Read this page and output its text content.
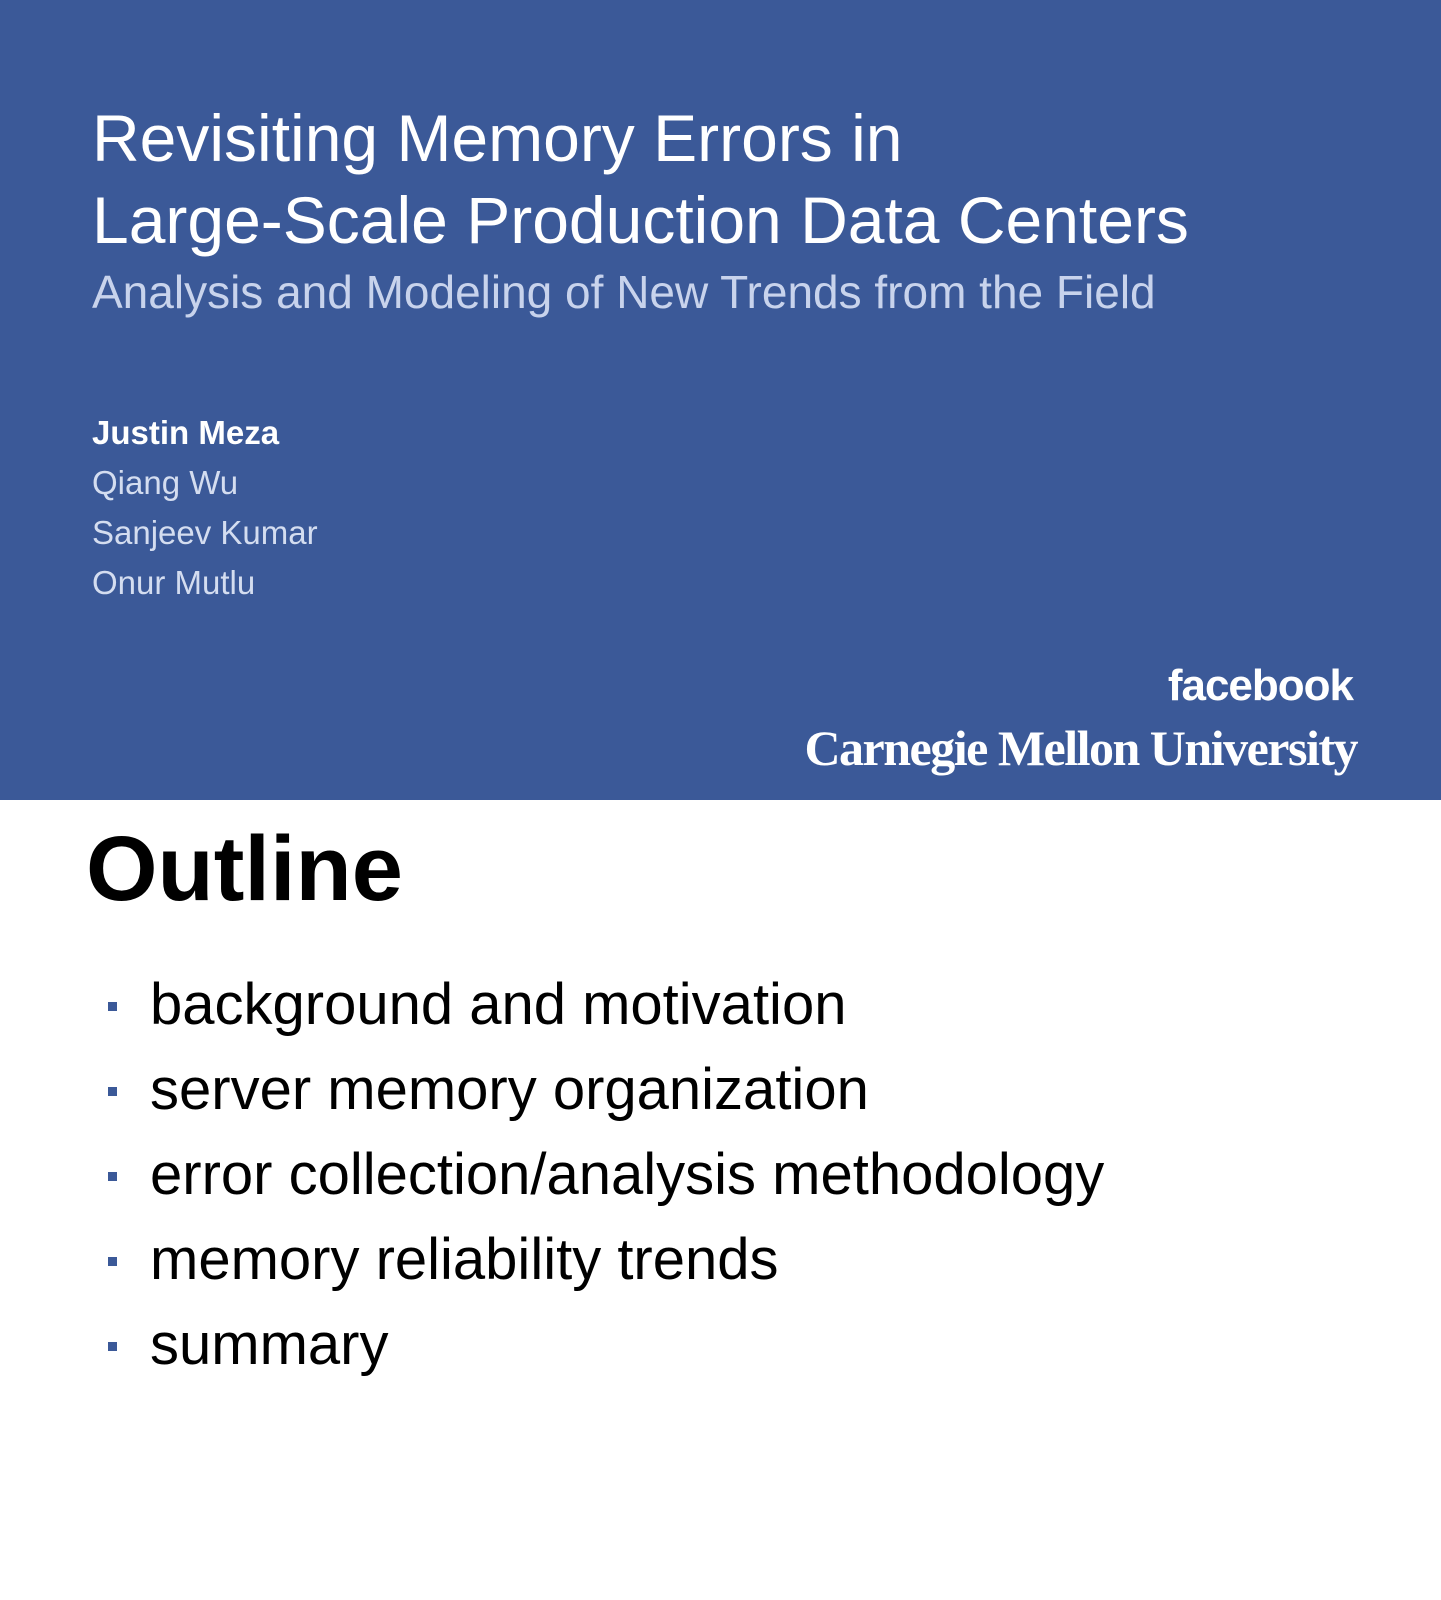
Revisiting Memory Errors in
Large-Scale Production Data Centers
Analysis and Modeling of New Trends from the Field
Justin Meza
Qiang Wu
Sanjeev Kumar
Onur Mutlu
facebook
Carnegie Mellon University
Outline
background and motivation
server memory organization
error collection/analysis methodology
memory reliability trends
summary
